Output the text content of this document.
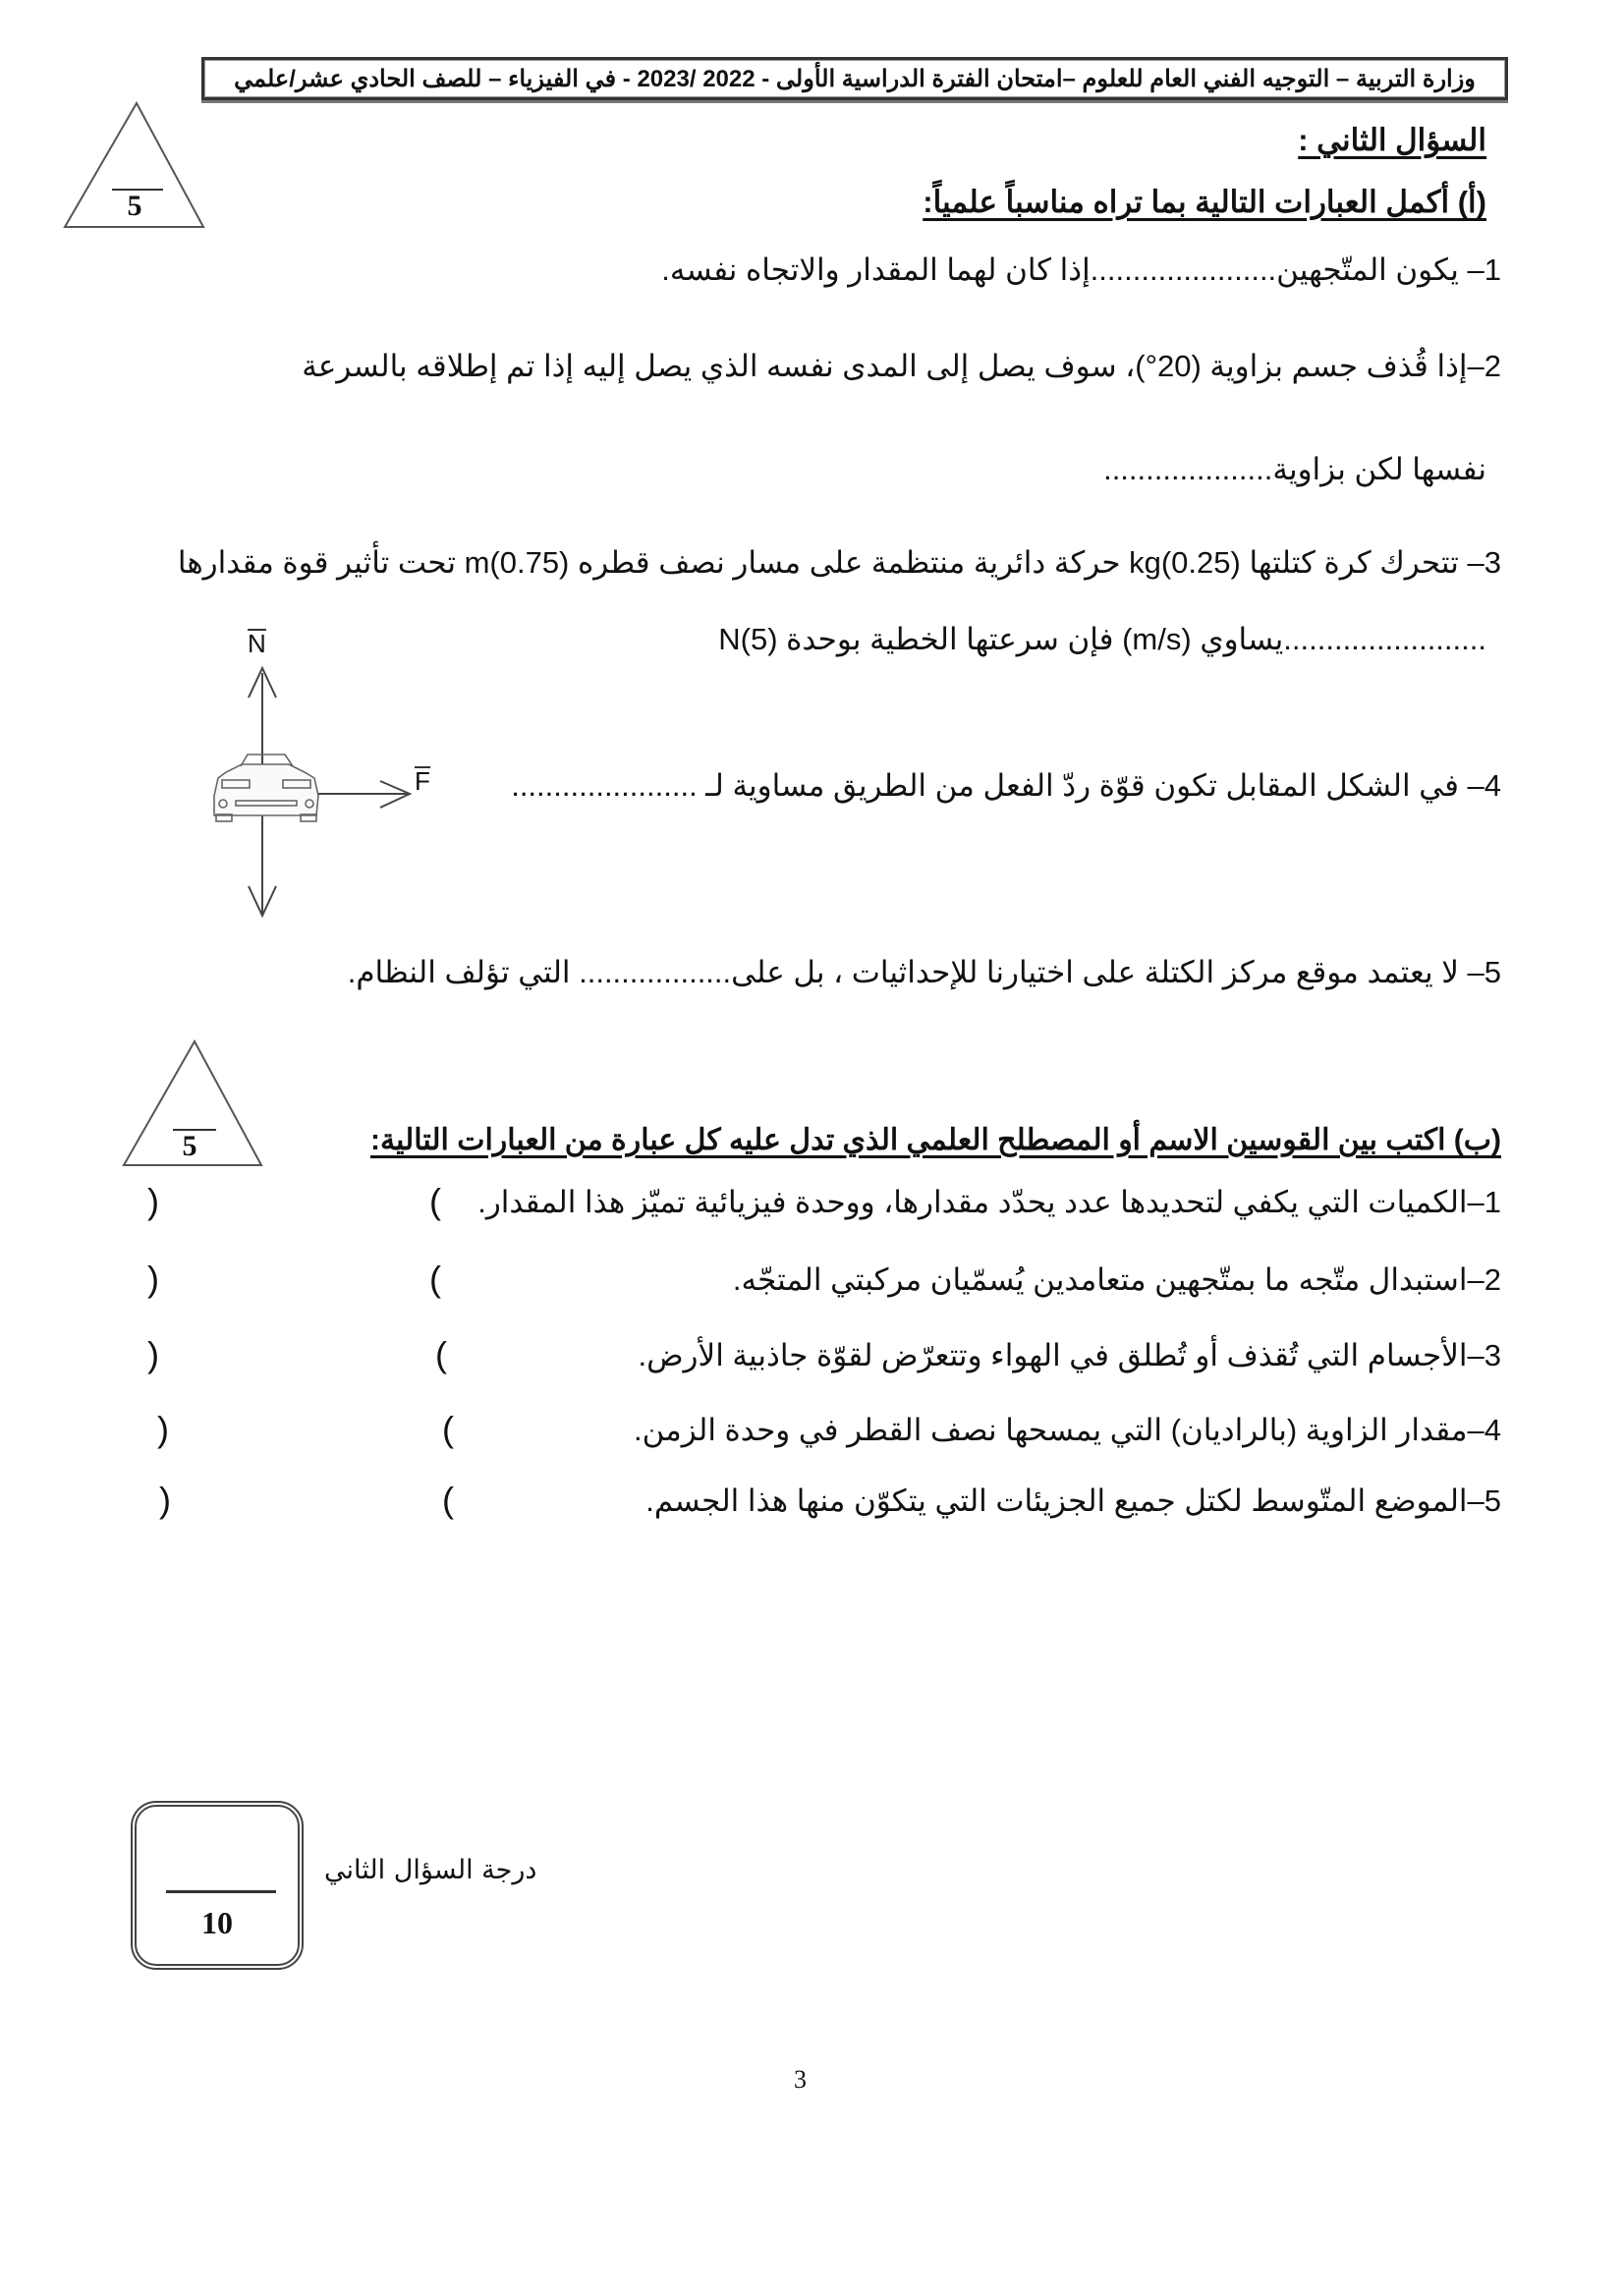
وزارة التربية – التوجيه الفني العام للعلوم –امتحان الفترة الدراسية الأولى - 2022 /2023 - في الفيزياء – للصف الحادي عشر/علمي
السؤال الثاني :
5	(أ) أكمل العبارات التالية بما تراه مناسباً علمياً:
1– يكون المتّجهين......................إذا كان لهما المقدار والاتجاه نفسه.
2–إذا قُذف جسم بزاوية (20°)، سوف يصل إلى المدى نفسه الذي يصل إليه إذا تم إطلاقه بالسرعة
نفسها لكن بزاوية....................
3– تتحرك كرة كتلتها kg(0.25) حركة دائرية منتظمة على مسار نصف قطره m(0.75) تحت تأثير قوة مقدارها
N(5) فإن سرعتها الخطية بوحدة (m/s) يساوي........................
N
F	4– في الشكل المقابل تكون قوّة ردّ الفعل من الطريق مساوية لـ ......................
5– لا يعتمد موقع مركز الكتلة على اختيارنا للإحداثيات ، بل على.................. التي تؤلف النظام.
5	(ب) اكتب بين القوسين الاسم أو المصطلح العلمي الذي تدل عليه كل عبارة من العبارات التالية:
1–الكميات التي يكفي لتحديدها عدد يحدّد مقدارها، ووحدة فيزيائية تميّز هذا المقدار.
(
)
2–استبدال متّجه ما بمتّجهين متعامدين يُسمّيان مركبتي المتجّه.
(
)
3–الأجسام التي تُقذف أو تُطلق في الهواء وتتعرّض لقوّة جاذبية الأرض.
(
)
4–مقدار الزاوية (بالراديان) التي يمسحها نصف القطر في وحدة الزمن.
(
)
5–الموضع المتّوسط لكتل جميع الجزيئات التي يتكوّن منها هذا الجسم.
(
)
10
درجة السؤال الثاني
3
